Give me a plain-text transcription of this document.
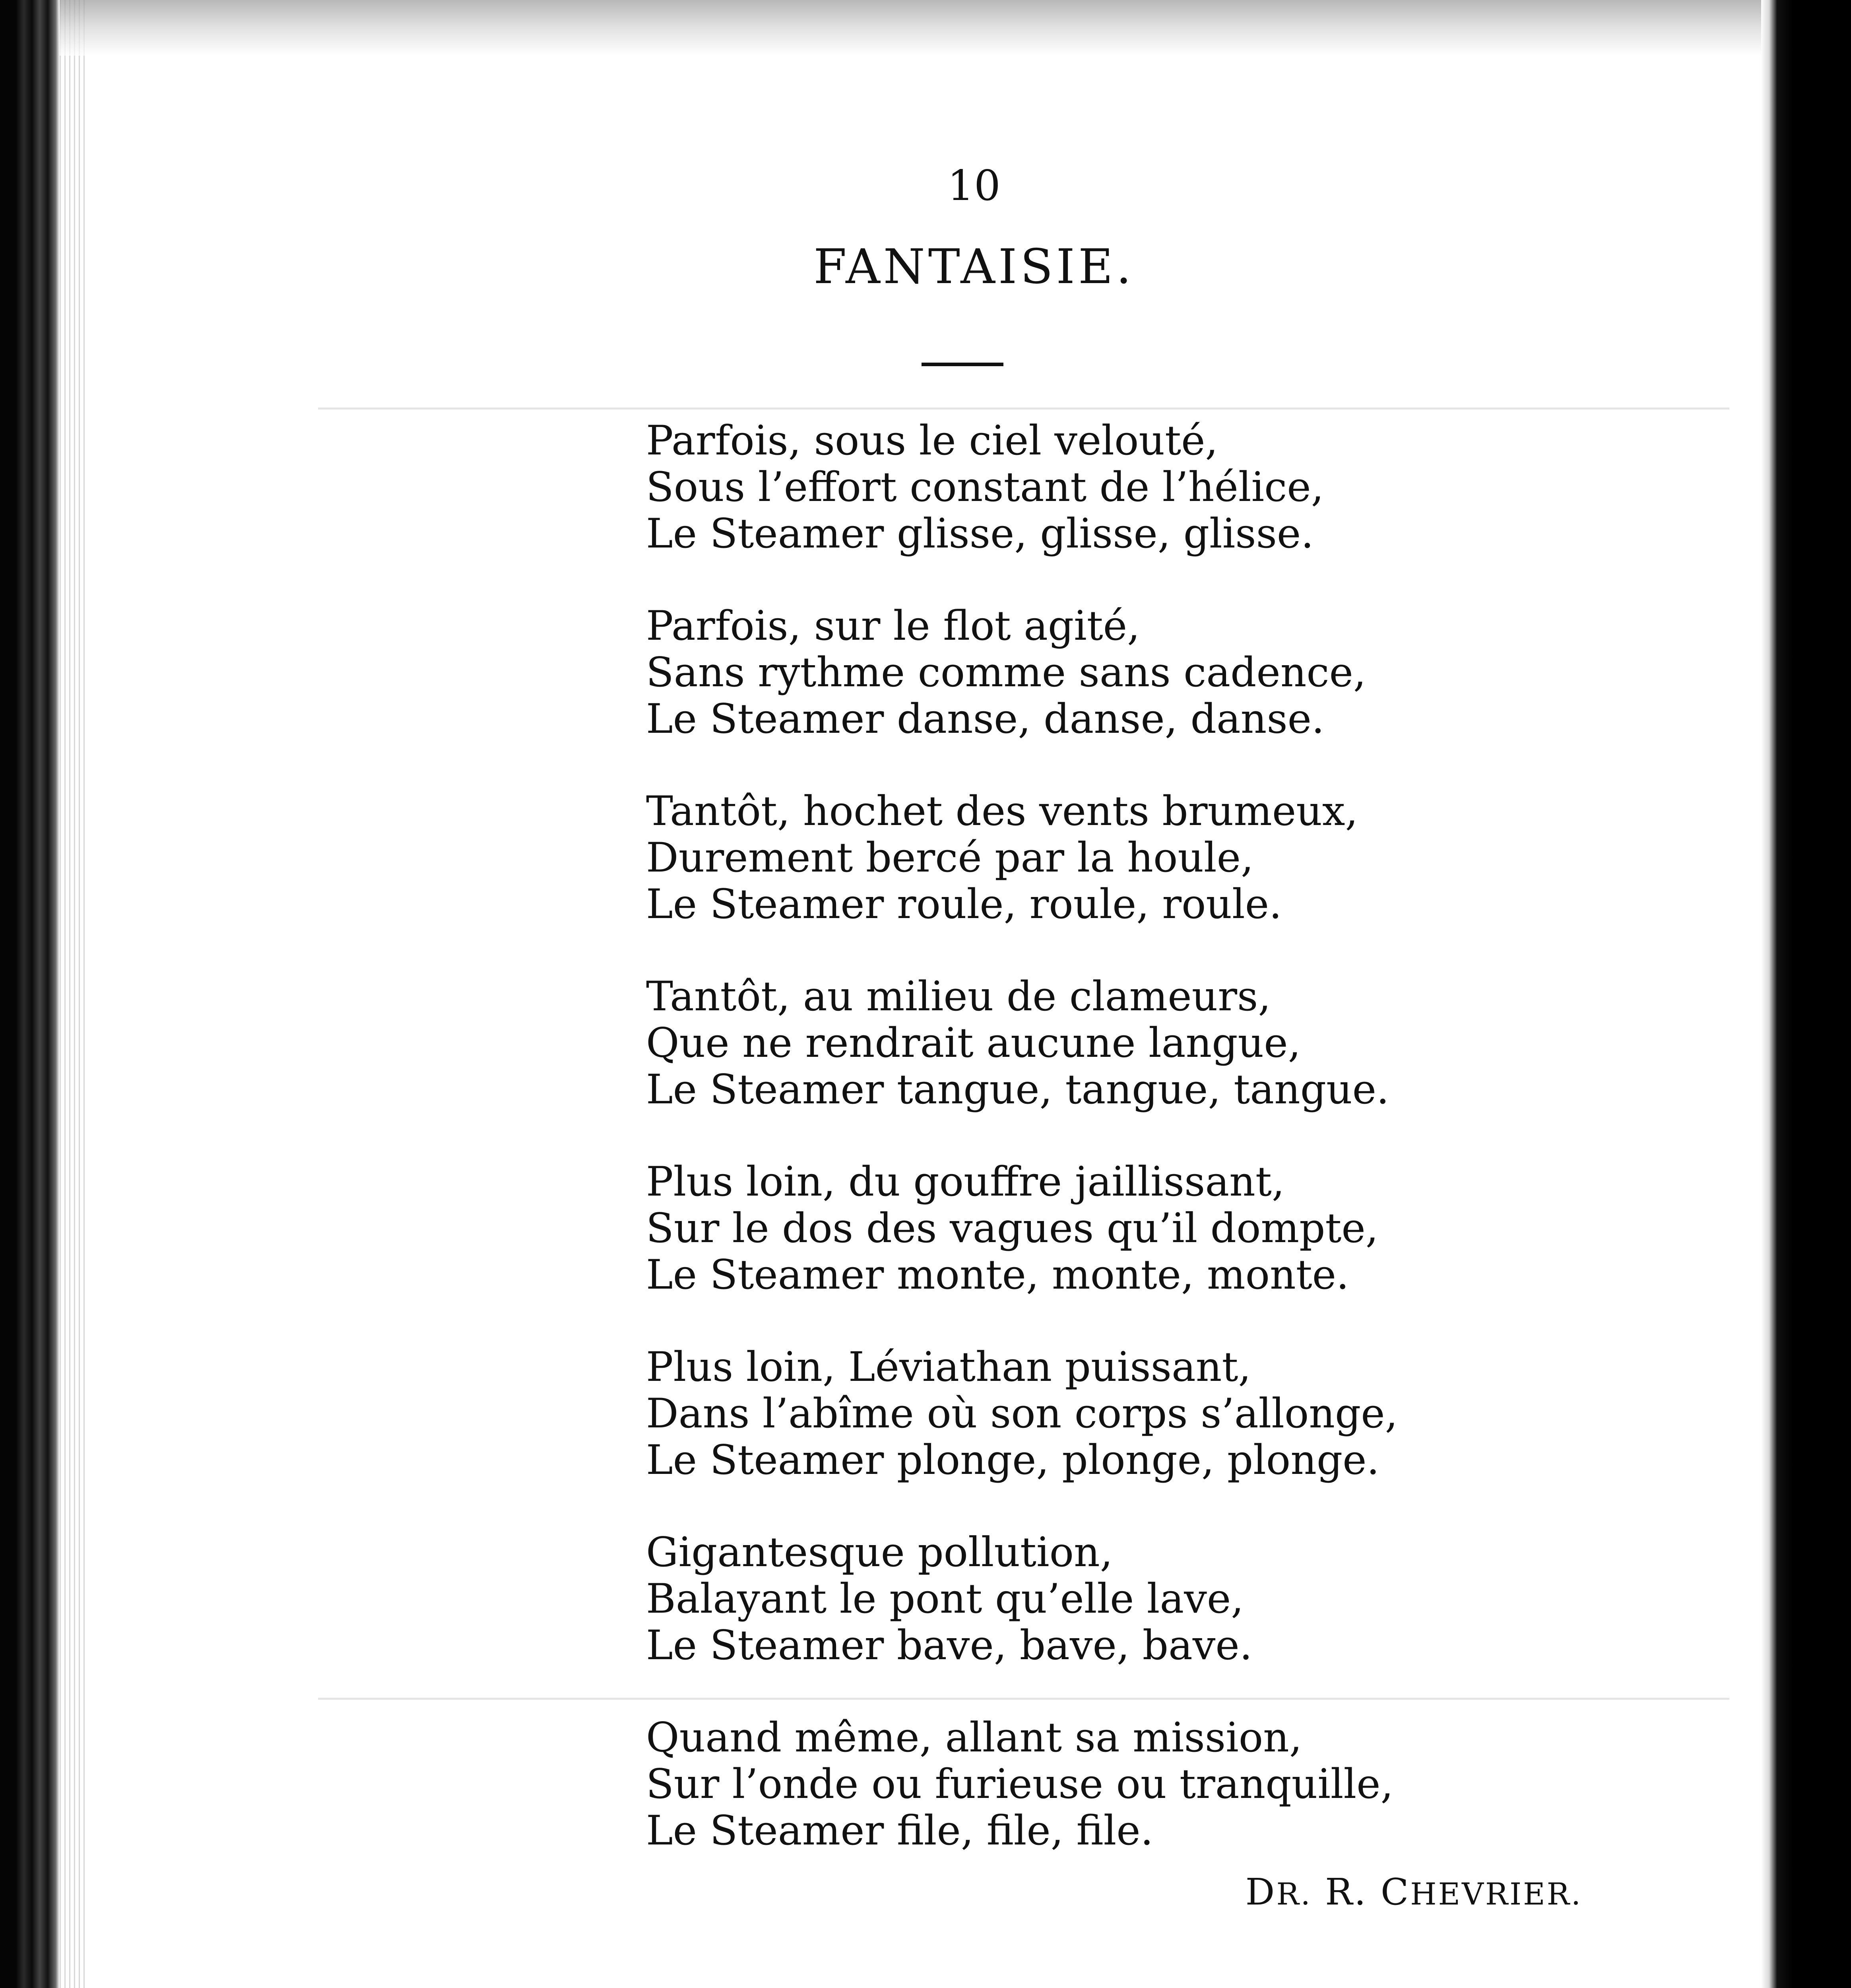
10
FANTAISIE.
Parfois, sous le ciel velouté,
Sous l’effort constant de l’hélice,
Le Steamer glisse, glisse, glisse.
Parfois, sur le flot agité,
Sans rythme comme sans cadence,
Le Steamer danse, danse, danse.
Tantôt, hochet des vents brumeux,
Durement bercé par la houle,
Le Steamer roule, roule, roule.
Tantôt, au milieu de clameurs,
Que ne rendrait aucune langue,
Le Steamer tangue, tangue, tangue.
Plus loin, du gouffre jaillissant,
Sur le dos des vagues qu’il dompte,
Le Steamer monte, monte, monte.
Plus loin, Léviathan puissant,
Dans l’abîme où son corps s’allonge,
Le Steamer plonge, plonge, plonge.
Gigantesque pollution,
Balayant le pont qu’elle lave,
Le Steamer bave, bave, bave.
Quand même, allant sa mission,
Sur l’onde ou furieuse ou tranquille,
Le Steamer file, file, file.
DR. R. CHEVRIER.
